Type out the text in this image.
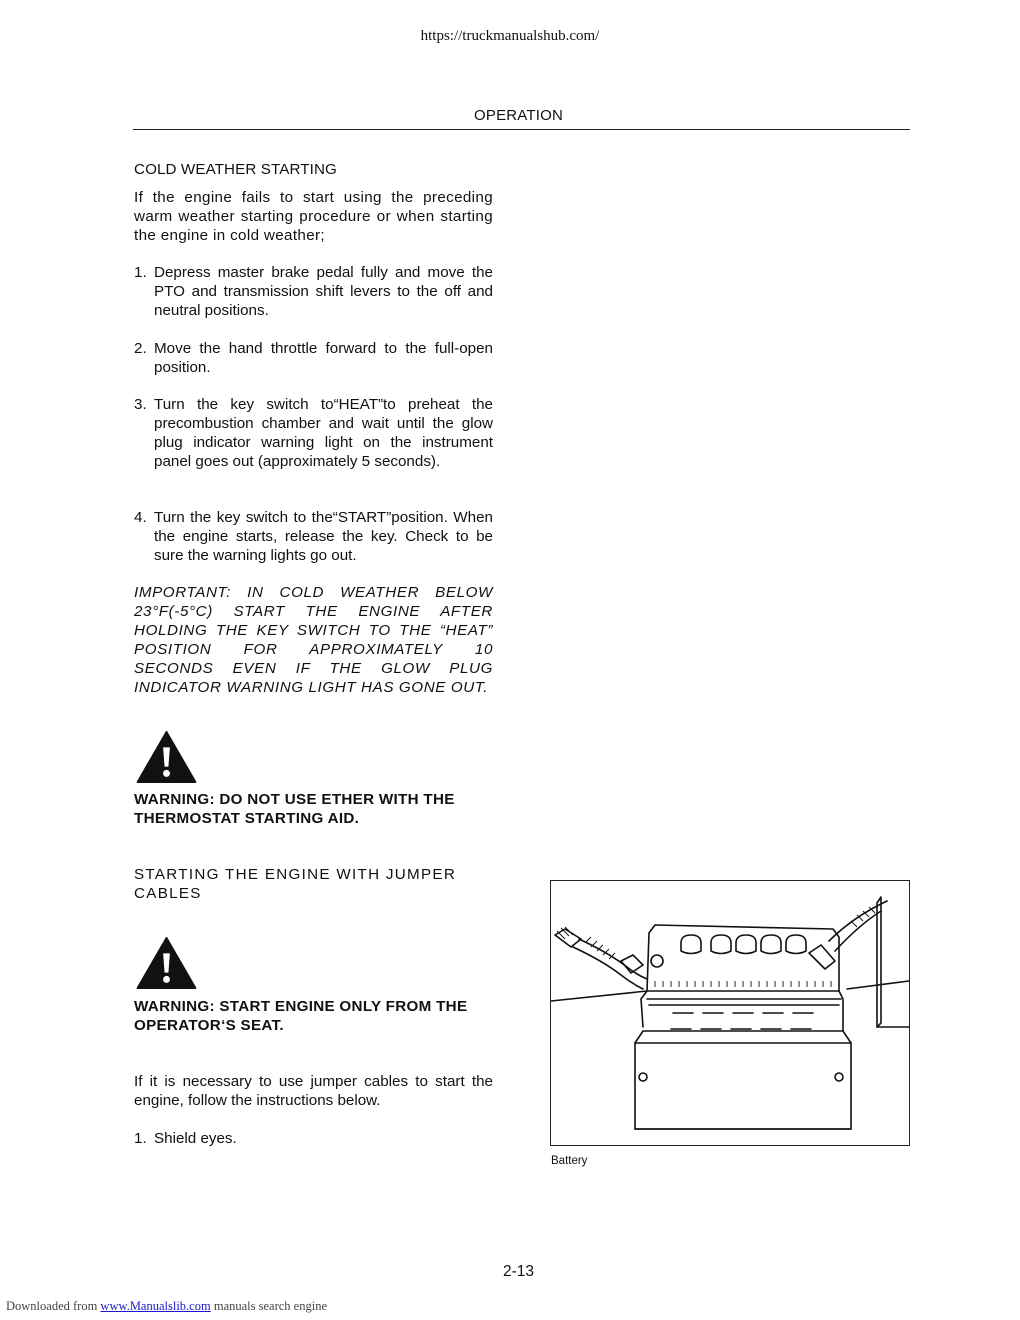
https://truckmanualshub.com/
OPERATION
COLD WEATHER STARTING
If the engine fails to start using the preceding warm weather starting procedure or when starting the engine in cold weather;
1. Depress master brake pedal fully and move the PTO and transmission shift levers to the off and neutral positions.
2. Move the hand throttle forward to the full-open position.
3. Turn the key switch to“HEAT”to preheat the precombustion chamber and wait until the glow plug indicator warning light on the instrument panel goes out (approximately 5 seconds).
4. Turn the key switch to the“START”position. When the engine starts, release the key. Check to be sure the warning lights go out.
IMPORTANT: IN COLD WEATHER BELOW 23°F(-5°C) START THE ENGINE AFTER HOLDING THE KEY SWITCH TO THE “HEAT” POSITION FOR APPROXIMATELY 10 SECONDS EVEN IF THE GLOW PLUG INDICATOR WARNING LIGHT HAS GONE OUT.
WARNING: DO NOT USE ETHER WITH THE THERMOSTAT STARTING AID.
STARTING THE ENGINE WITH JUMPER CABLES
WARNING: START ENGINE ONLY FROM THE OPERATOR‘S SEAT.
If it is necessary to use jumper cables to start the engine, follow the instructions below.
1. Shield eyes.
Battery
2-13
Downloaded from www.Manualslib.com manuals search engine
